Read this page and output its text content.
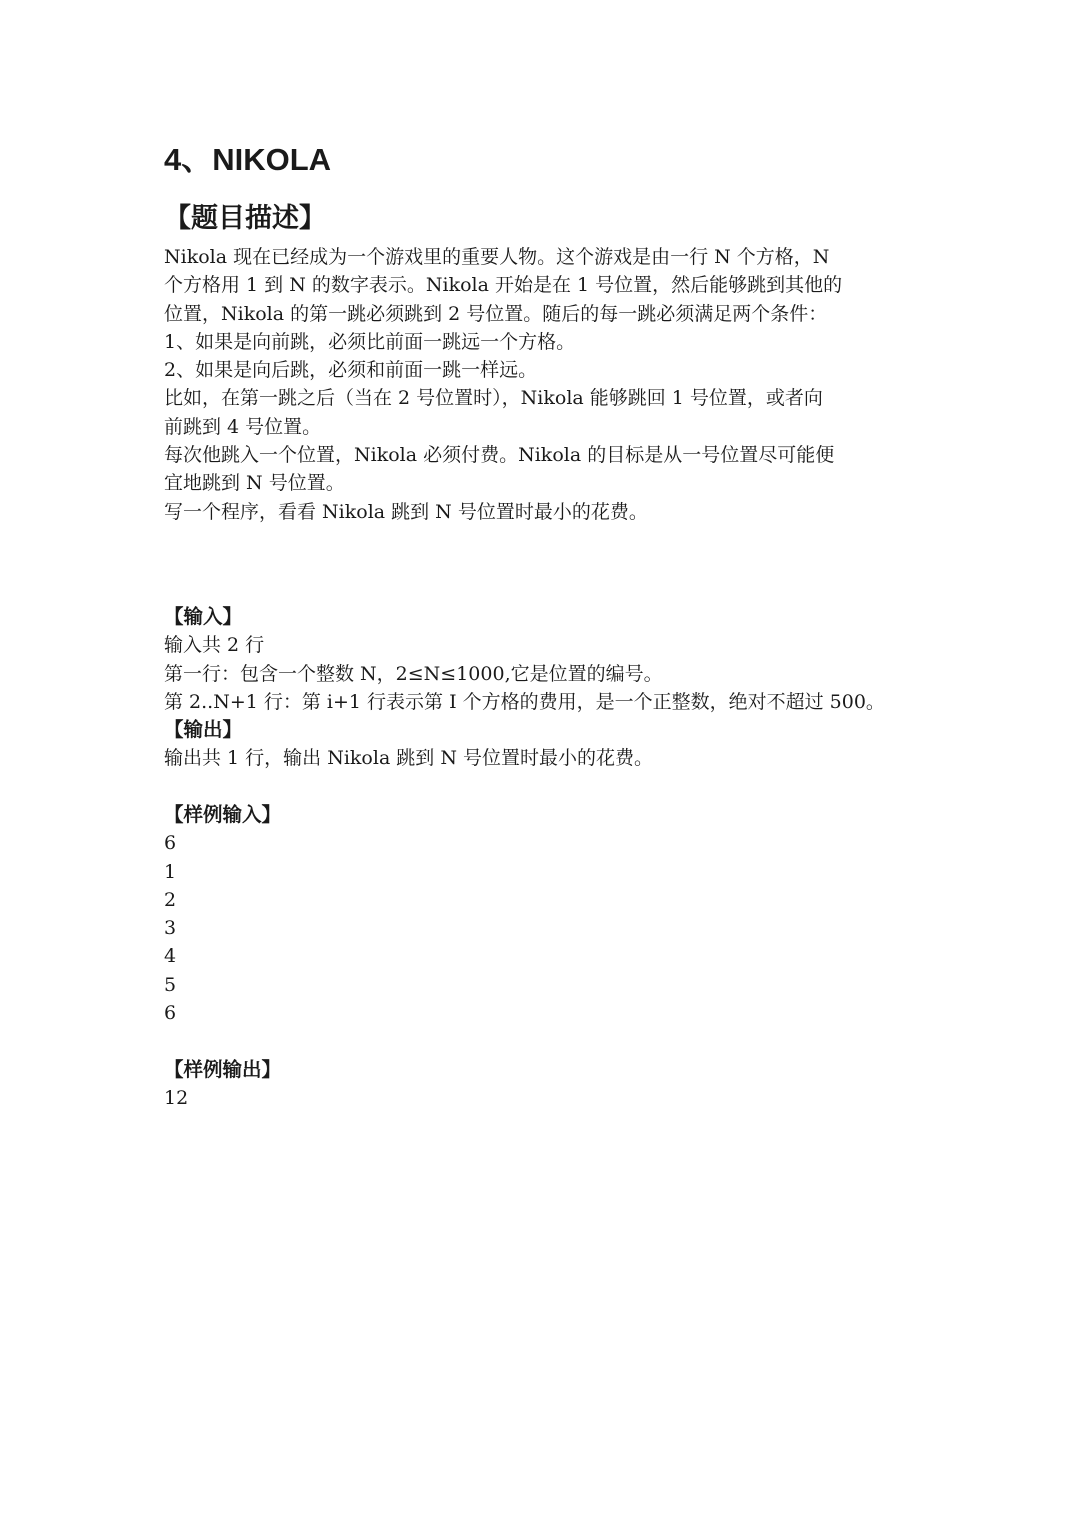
4、NIKOLA
【题目描述】
Nikola 现在已经成为一个游戏里的重要人物。这个游戏是由一行 N 个方格，N
个方格用 1 到 N 的数字表示。Nikola 开始是在 1 号位置，然后能够跳到其他的
位置，Nikola 的第一跳必须跳到 2 号位置。随后的每一跳必须满足两个条件：
1、如果是向前跳，必须比前面一跳远一个方格。
2、如果是向后跳，必须和前面一跳一样远。
比如，在第一跳之后（当在 2 号位置时），Nikola 能够跳回 1 号位置，或者向
前跳到 4 号位置。
每次他跳入一个位置，Nikola 必须付费。Nikola 的目标是从一号位置尽可能便
宜地跳到 N 号位置。
写一个程序，看看 Nikola 跳到 N 号位置时最小的花费。
【输入】
输入共 2 行
第一行：包含一个整数 N，2≤N≤1000,它是位置的编号。
第 2..N+1 行：第 i+1 行表示第 I 个方格的费用，是一个正整数，绝对不超过 500。
【输出】
输出共 1 行，输出 Nikola 跳到 N 号位置时最小的花费。
【样例输入】
6
1
2
3
4
5
6
【样例输出】
12
